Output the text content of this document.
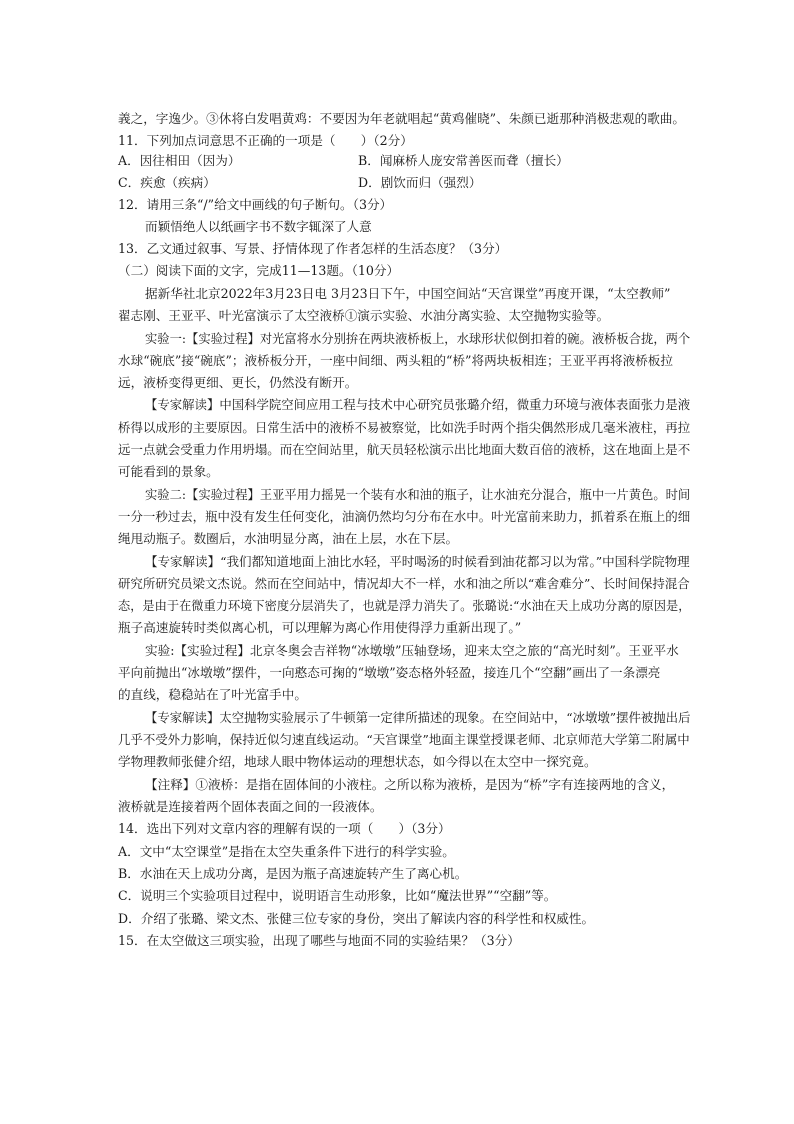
義之，字逸少。③休将白发唱黄鸡：不要因为年老就唱起“黄鸡催晓”、朱颜已逝那种消极悲观的歌曲。
11．下列加点词意思不正确的一项是（　　）（2分）
A．因往相田（因为）	B．闻麻桥人庞安常善医而聋（擅长）
C．疾愈（疾病）	D．剧饮而归（强烈）
12．请用三条“/”给文中画线的句子断句。（3分）
而颖悟绝人以纸画字书不数字辄深了人意
13．乙文通过叙事、写景、抒情体现了作者怎样的生活态度？（3分）
（二）阅读下面的文字，完成11—13题。（10分）
据新华社北京2022年3月23日电 3月23日下午，中国空间站“天宫课堂”再度开课，“太空教师”
翟志刚、王亚平、叶光富演示了太空液桥①演示实验、水油分离实验、太空抛物实验等。
实验一:【实验过程】对光富将水分别拚在两块液桥板上，水球形状似倒扣着的碗。液桥板合拢，两个
水球“碗底”接“碗底”；液桥板分开，一座中间细、两头粗的“桥”将两块板相连；王亚平再将液桥板拉
远，液桥变得更细、更长，仍然没有断开。
【专家解读】中国科学院空间应用工程与技术中心研究员张璐介绍，微重力环境与液体表面张力是液
桥得以成形的主要原因。日常生活中的液桥不易被察觉，比如洗手时两个指尖偶然形成几毫米液柱，再拉
远一点就会受重力作用坍塌。而在空间站里，航天员轻松演示出比地面大数百倍的液桥，这在地面上是不
可能看到的景象。
实验二:【实验过程】王亚平用力摇晃一个装有水和油的瓶子，让水油充分混合，瓶中一片黄色。时间
一分一秒过去，瓶中没有发生任何变化，油滴仍然均匀分布在水中。叶光富前来助力，抓着系在瓶上的细
绳甩动瓶子。数圈后，水油明显分离，油在上层，水在下层。
【专家解读】“我们都知道地面上油比水轻，平时喝汤的时候看到油花都习以为常。”中国科学院物理
研究所研究员梁文杰说。然而在空间站中，情况却大不一样，水和油之所以“难舍难分”、长时间保持混合
态，是由于在微重力环境下密度分层消失了，也就是浮力消失了。张璐说:“水油在天上成功分离的原因是，
瓶子高速旋转时类似离心机，可以理解为离心作用使得浮力重新出现了。”
实验:【实验过程】北京冬奥会吉祥物“冰墩墩”压轴登场，迎来太空之旅的“高光时刻”。王亚平水
平向前抛出“冰墩墩”摆件，一向憨态可掬的“墩墩”姿态格外轻盈，接连几个“空翻”画出了一条漂亮
的直线，稳稳站在了叶光富手中。
【专家解读】太空抛物实验展示了牛顿第一定律所描述的现象。在空间站中，“冰墩墩”摆件被抛出后
几乎不受外力影响，保持近似匀速直线运动。“天宫课堂”地面主课堂授课老师、北京师范大学第二附属中
学物理教师张健介绍，地球人眼中物体运动的理想状态，如今得以在太空中一探究竟。
【注释】①液桥：是指在固体间的小液柱。之所以称为液桥，是因为“桥”字有连接两地的含义，
液桥就是连接着两个固体表面之间的一段液体。
14．选出下列对文章内容的理解有误的一项（　　）（3分）
A．文中“太空课堂”是指在太空失重条件下进行的科学实验。
B．水油在天上成功分离，是因为瓶子高速旋转产生了离心机。
C．说明三个实验项目过程中，说明语言生动形象，比如“魔法世界”“空翻”等。
D．介绍了张璐、梁文杰、张健三位专家的身份，突出了解读内容的科学性和权威性。
15．在太空做这三项实验，出现了哪些与地面不同的实验结果？（3分）
